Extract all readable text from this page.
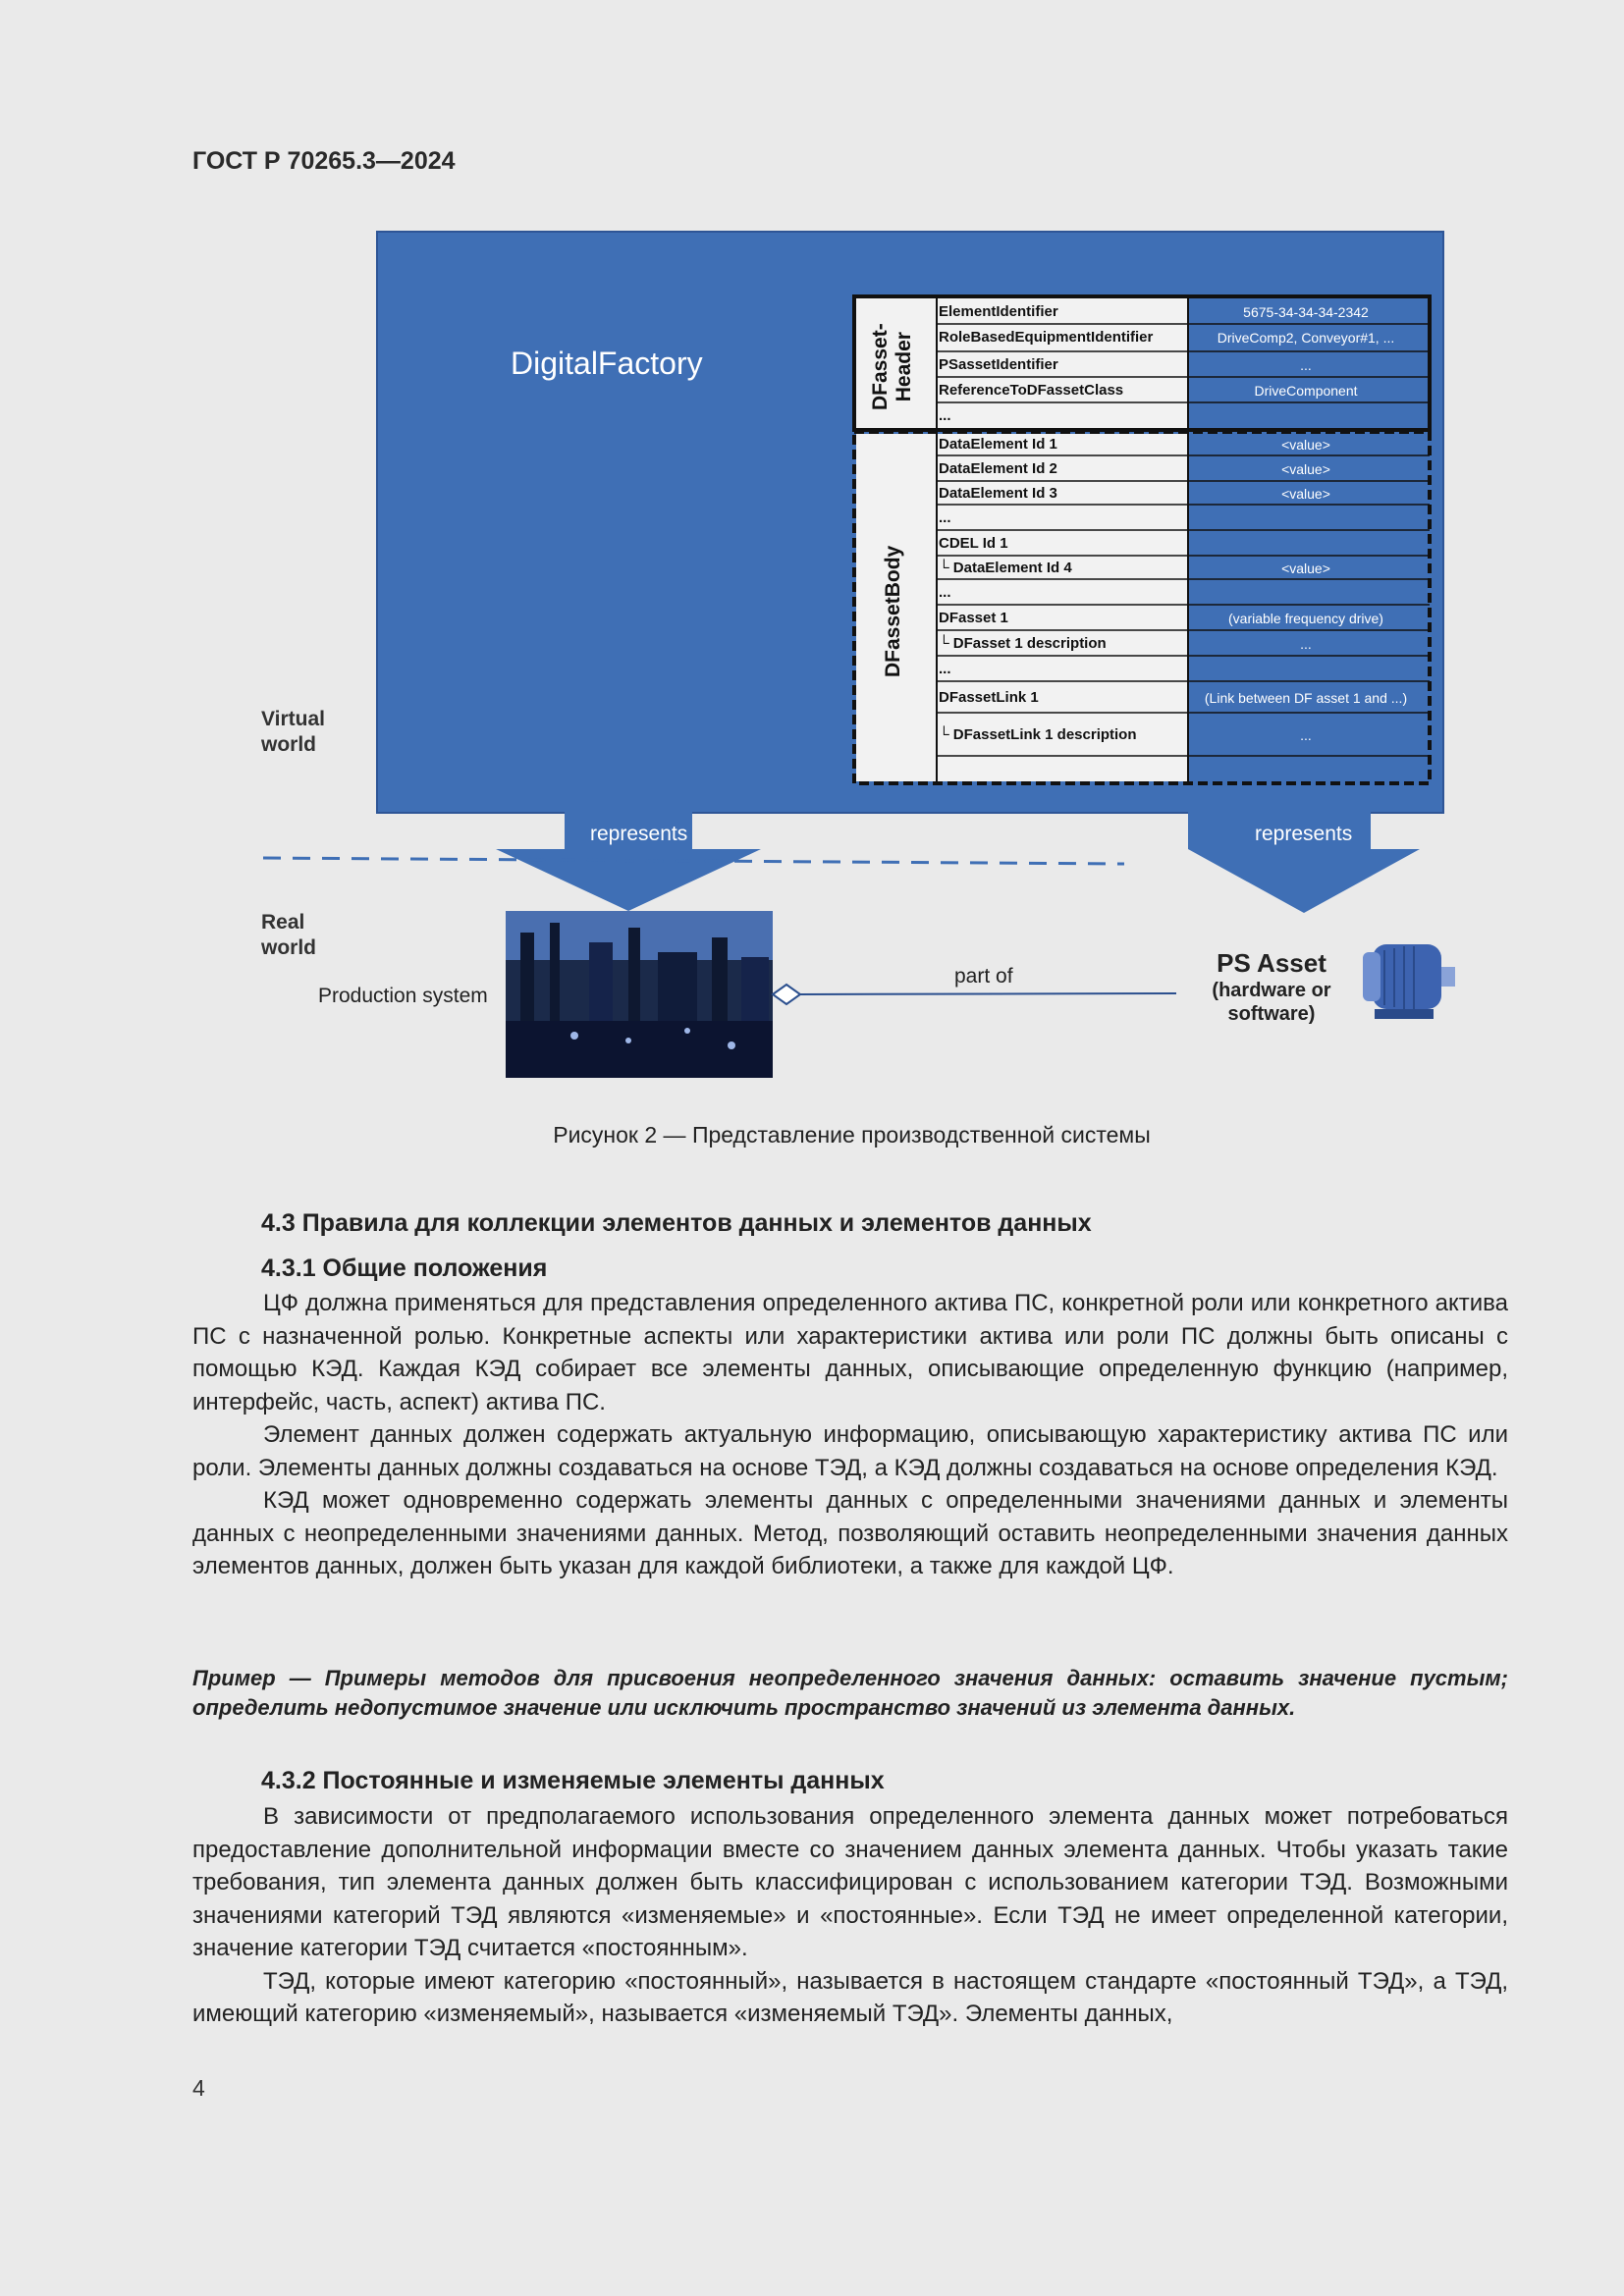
ГОСТ Р 70265.3—2024
DigitalFactory	DFasset- Header
DFassetBody
ElementIdentifier	5675-34-34-34-2342
RoleBasedEquipmentIdentifier	DriveComp2, Conveyor#1, ...
PSassetIdentifier	...
ReferenceToDFassetClass	DriveComponent
...
DataElement Id 1	<value>
DataElement Id 2	<value>
DataElement Id 3	<value>
...
CDEL Id 1
└ DataElement Id 4	<value>
...
DFasset 1	(variable frequency drive)
└ DFasset 1 description	...
...
DFassetLink 1	(Link between DF asset 1 and ...)
└ DFassetLink 1 description	...
Virtual
world
Real
world
represents	represents
Production system
part of	PS Asset
(hardware or
software)
Рисунок 2 — Представление производственной системы
4.3 Правила для коллекции элементов данных и элементов данных
4.3.1 Общие положения

ЦФ должна применяться для представления определенного актива ПС, конкретной роли или конкретного актива ПС с назначенной ролью. Конкретные аспекты или характеристики актива или роли ПС должны быть описаны с помощью КЭД. Каждая КЭД собирает все элементы данных, описывающие определенную функцию (например, интерфейс, часть, аспект) актива ПС.

Элемент данных должен содержать актуальную информацию, описывающую характеристику актива ПС или роли. Элементы данных должны создаваться на основе ТЭД, а КЭД должны создаваться на основе определения КЭД.

КЭД может одновременно содержать элементы данных с определенными значениями данных и элементы данных с неопределенными значениями данных. Метод, позволяющий оставить неопределенными значения данных элементов данных, должен быть указан для каждой библиотеки, а также для каждой ЦФ.

Пример — Примеры методов для присвоения неопределенного значения данных: оставить значение пустым; определить недопустимое значение или исключить пространство значений из элемента данных.
4.3.2 Постоянные и изменяемые элементы данных

В зависимости от предполагаемого использования определенного элемента данных может потребоваться предоставление дополнительной информации вместе со значением данных элемента данных. Чтобы указать такие требования, тип элемента данных должен быть классифицирован с использованием категории ТЭД. Возможными значениями категорий ТЭД являются «изменяемые» и «постоянные». Если ТЭД не имеет определенной категории, значение категории ТЭД считается «постоянным».

ТЭД, которые имеют категорию «постоянный», называется в настоящем стандарте «постоянный ТЭД», а ТЭД, имеющий категорию «изменяемый», называется «изменяемый ТЭД». Элементы данных,

4
